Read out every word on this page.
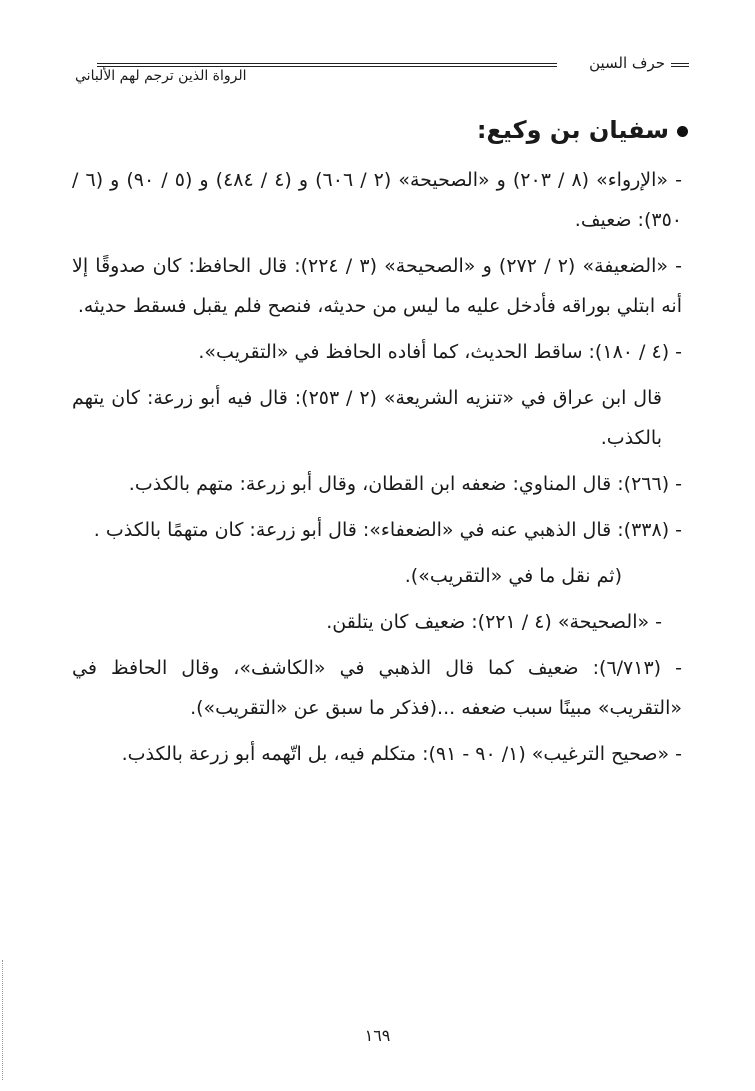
حرف السين
الرواة الذين ترجم لهم الألباني
سفيان بن وكيع:

- «الإرواء» (٨ / ٢٠٣) و «الصحيحة» (٢ / ٦٠٦) و (٤ / ٤٨٤) و (٥ / ٩٠) و (٦ / ٣٥٠): ضعيف.

- «الضعيفة» (٢ / ٢٧٢) و «الصحيحة» (٣ / ٢٢٤): قال الحافظ: كان صدوقًا إلا أنه ابتلي بوراقه فأدخل عليه ما ليس من حديثه، فنصح فلم يقبل فسقط حديثه.

- (٤ / ١٨٠): ساقط الحديث، كما أفاده الحافظ في «التقريب».

قال ابن عراق في «تنزيه الشريعة» (٢ / ٢٥٣): قال فيه أبو زرعة: كان يتهم بالكذب.

- (٢٦٦): قال المناوي: ضعفه ابن القطان، وقال أبو زرعة: متهم بالكذب.

- (٣٣٨): قال الذهبي عنه في «الضعفاء»: قال أبو زرعة: كان متهمًا بالكذب .

(ثم نقل ما في «التقريب»).

- «الصحيحة» (٤ / ٢٢١): ضعيف كان يتلقن.

- (٦/٧١٣): ضعيف كما قال الذهبي في «الكاشف»، وقال الحافظ في «التقريب» مبينًا سبب ضعفه ...(فذكر ما سبق عن «التقريب»).

- «صحيح الترغيب» (١/ ٩٠ - ٩١): متكلم فيه، بل اتّهمه أبو زرعة بالكذب.

١٦٩
